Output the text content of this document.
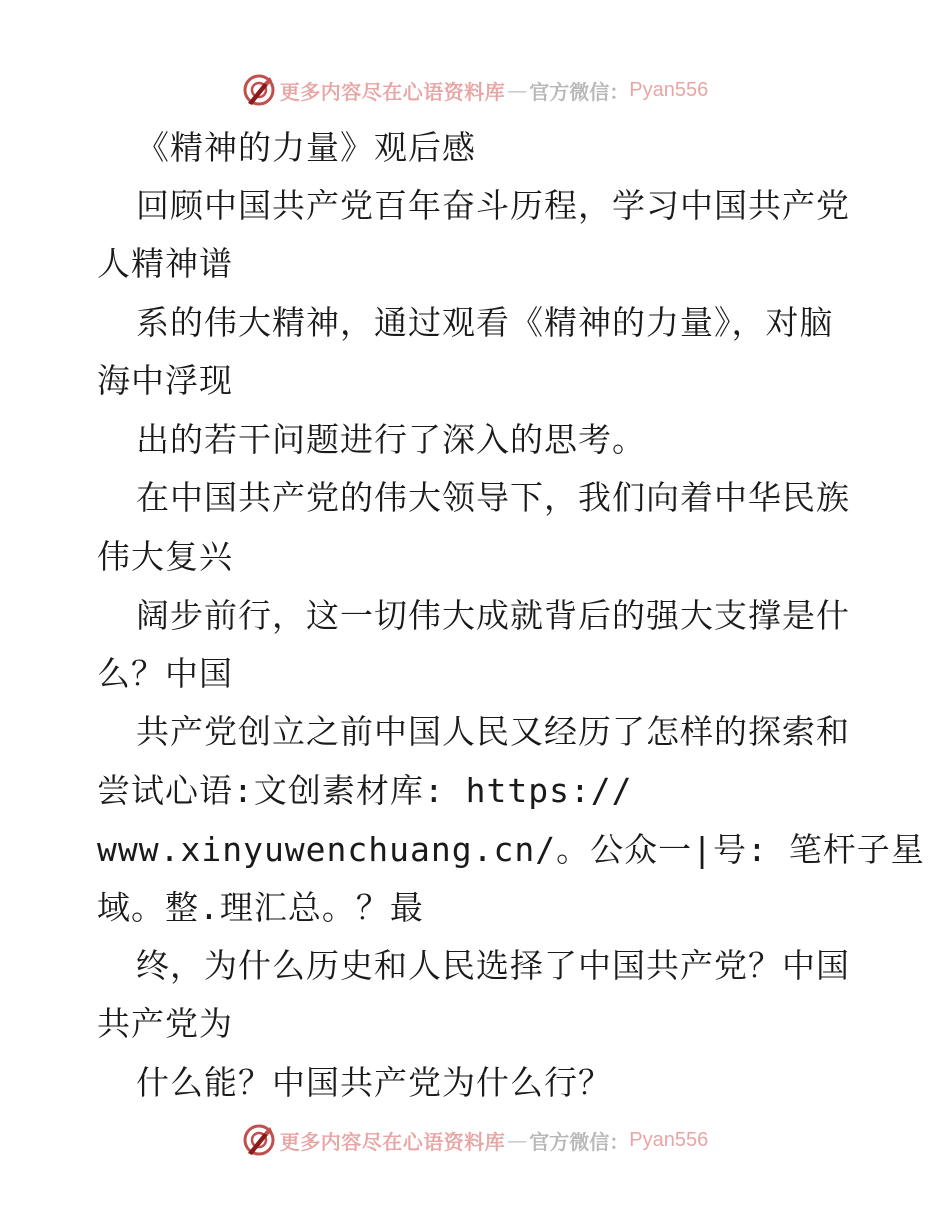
更多内容尽在心语资料库 — 官方微信： Pyan556
《精神的力量》观后感
回顾中国共产党百年奋斗历程，学习中国共产党
人精神谱
系的伟大精神，通过观看《精神的力量》，对脑
海中浮现
出的若干问题进行了深入的思考。
在中国共产党的伟大领导下，我们向着中华民族
伟大复兴
阔步前行，这一切伟大成就背后的强大支撑是什
么？中国
共产党创立之前中国人民又经历了怎样的探索和
尝试心语:文创素材库: https://
www.xinyuwenchuang.cn/。公众一|号: 笔杆子星
域。整.理汇总。？最
终，为什么历史和人民选择了中国共产党？中国
共产党为
什么能？中国共产党为什么行？
更多内容尽在心语资料库 — 官方微信： Pyan556
